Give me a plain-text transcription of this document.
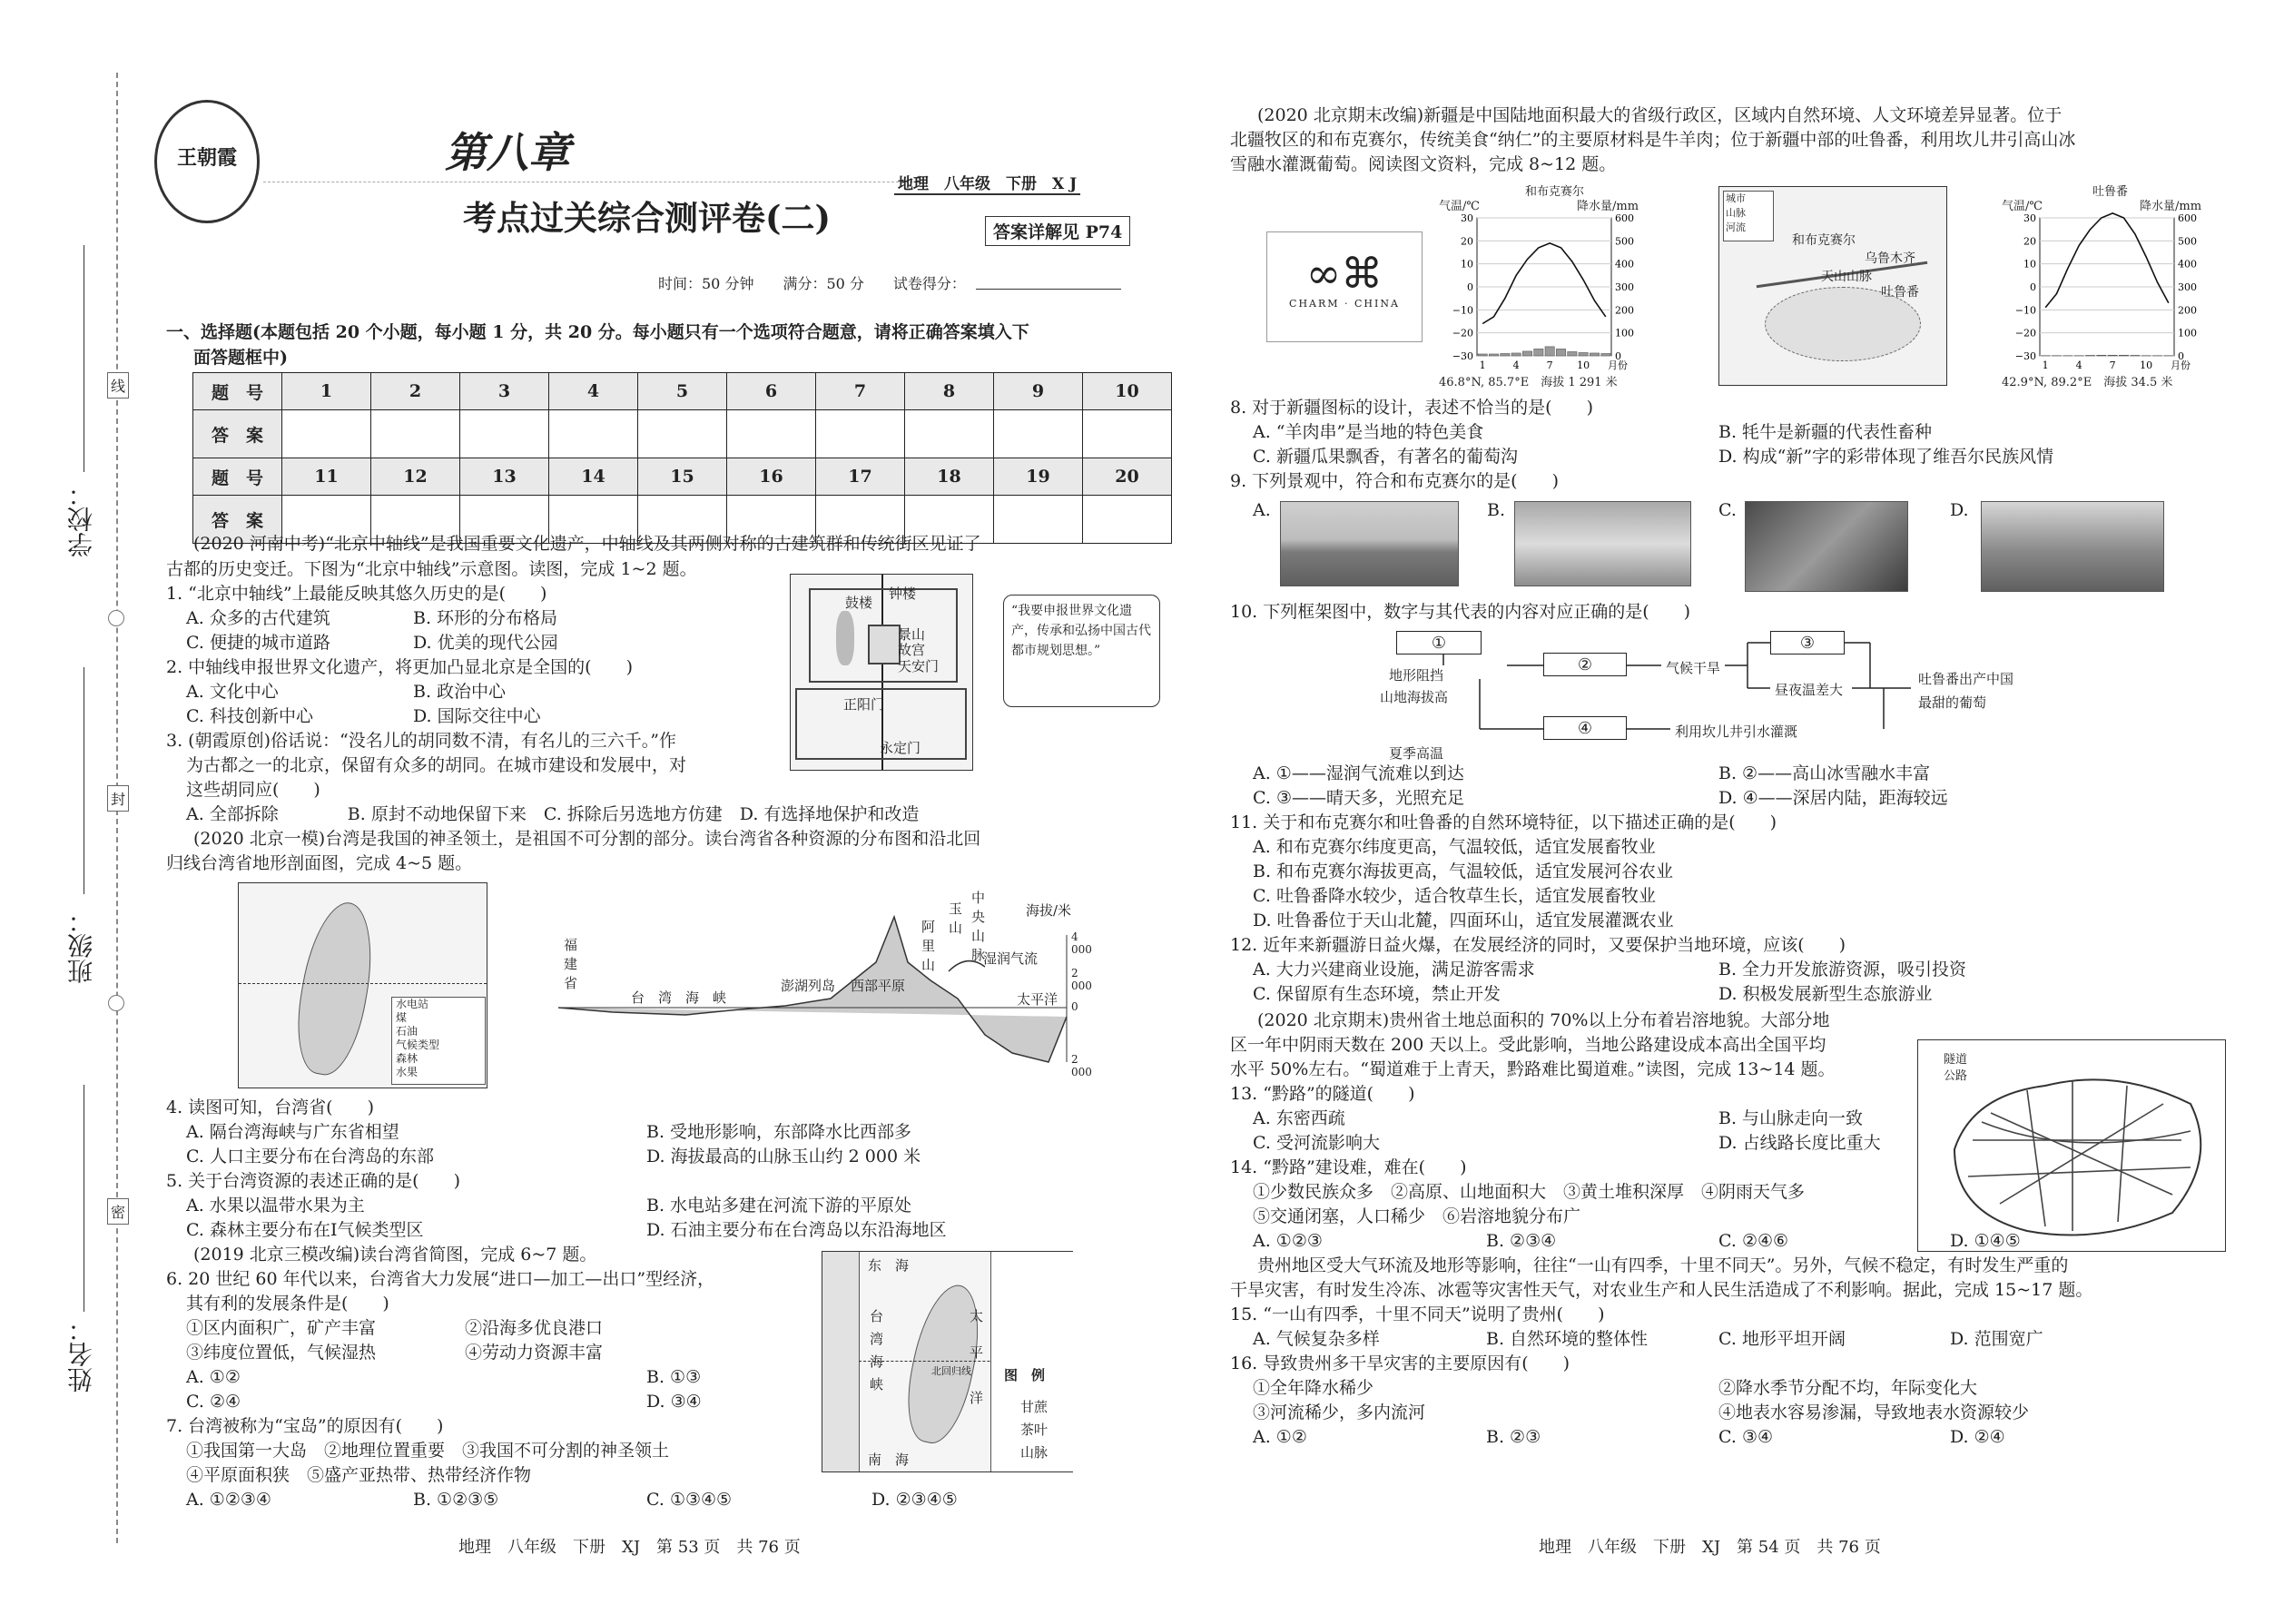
学校：
班级：
姓名：
线
封
密
王朝霞	第八章
考点过关综合测评卷(二)
地理　八年级　下册　X J
答案详解见 P74
时间：50 分钟　　满分：50 分　　试卷得分：
一、选择题(本题包括 20 个小题，每小题 1 分，共 20 分。每小题只有一个选项符合题意，请将正确答案填入下
面答题框中)
题　号	1	2	3	4	5	6	7	8	9	10
答　案										
题　号	11	12	13	14	15	16	17	18	19	20
答　案										
(2020 河南中考)“北京中轴线”是我国重要文化遗产，中轴线及其两侧对称的古建筑群和传统街区见证了
古都的历史变迁。下图为“北京中轴线”示意图。读图，完成 1~2 题。
1. “北京中轴线”上最能反映其悠久历史的是(　　)
A. 众多的古代建筑	B. 环形的分布格局
C. 便捷的城市道路	D. 优美的现代公园
2. 中轴线申报世界文化遗产，将更加凸显北京是全国的(　　)
A. 文化中心	B. 政治中心
C. 科技创新中心	D. 国际交往中心
3. (朝霞原创)俗话说：“没名儿的胡同数不清，有名儿的三六千。”作
为古都之一的北京，保留有众多的胡同。在城市建设和发展中，对
这些胡同应(　　)
A. 全部拆除　　　　B. 原封不动地保留下来　C. 拆除后另选地方仿建　D. 有选择地保护和改造
钟楼
鼓楼
景山
故宫
天安门
正阳门
永定门
“我要申报世界文化遗产，传承和弘扬中国古代都市规划思想。”
(2020 北京一模)台湾是我国的神圣领土，是祖国不可分割的部分。读台湾省各种资源的分布图和沿北回
归线台湾省地形剖面图，完成 4~5 题。
水电站
煤
石油
气候类型
森林
水果
福建省
台　湾　海　峡
澎湖列岛 西部平原
阿里山
玉山
中央山脉
湿润气流
太平洋
海拔/米
4 000
2 000
0
2 000
4. 读图可知，台湾省(　　)
A. 隔台湾海峡与广东省相望	B. 受地形影响，东部降水比西部多
C. 人口主要分布在台湾岛的东部	D. 海拔最高的山脉玉山约 2 000 米
5. 关于台湾资源的表述正确的是(　　)
A. 水果以温带水果为主	B. 水电站多建在河流下游的平原处
C. 森林主要分布在Ⅰ气候类型区	D. 石油主要分布在台湾岛以东沿海地区
(2019 北京三模改编)读台湾省简图，完成 6~7 题。
6. 20 世纪 60 年代以来，台湾省大力发展“进口—加工—出口”型经济，
其有利的发展条件是(　　)
①区内面积广，矿产丰富	②沿海多优良港口
③纬度位置低，气候湿热	④劳动力资源丰富
A. ①②	B. ①③
C. ②④	D. ③④
7. 台湾被称为“宝岛”的原因有(　　)
①我国第一大岛　②地理位置重要　③我国不可分割的神圣领土
④平原面积狭　⑤盛产亚热带、热带经济作物
A. ①②③④	B. ①②③⑤	C. ①③④⑤	D. ②③④⑤
东　海
台
湾
海
峡
太
平
洋
南　海
北回归线 图　例
甘蔗
茶叶
山脉
地理　八年级　下册　XJ　第 53 页　共 76 页
(2020 北京期末改编)新疆是中国陆地面积最大的省级行政区，区域内自然环境、人文环境差异显著。位于
北疆牧区的和布克赛尔，传统美食“纳仁”的主要原材料是牛羊肉；位于新疆中部的吐鲁番，利用坎儿井引高山冰
雪融水灌溉葡萄。阅读图文资料，完成 8~12 题。
∞⌘
CHARM · CHINA
和布克赛尔
气温/℃	降水量/mm
30	600
20	500
10	400
0	300
−10	200
−20	100
−30	0
1	4	7 10 月份
46.8°N, 85.7°E　海拔 1 291 米
城市
山脉
河流
和布克赛尔
乌鲁木齐
天山山脉
吐鲁番
吐鲁番
气温/℃	降水量/mm
30	600
20	500
10	400
0	300
−10	200
−20	100
−30	0
1	4	7 10 月份
42.9°N, 89.2°E　海拔 34.5 米
8. 对于新疆图标的设计，表述不恰当的是(　　)
A. “羊肉串”是当地的特色美食	B. 牦牛是新疆的代表性畜种
C. 新疆瓜果飘香，有著名的葡萄沟	D. 构成“新”字的彩带体现了维吾尔民族风情
9. 下列景观中，符合和布克赛尔的是(　　)
A.	B.	C.	D.
10. 下列框架图中，数字与其代表的内容对应正确的是(　　)
①
②
③
④
地形阻挡
山地海拔高
夏季高温
气候干旱
昼夜温差大
利用坎儿井引水灌溉
吐鲁番出产中国最甜的葡萄
A. ①——湿润气流难以到达	B. ②——高山冰雪融水丰富
C. ③——晴天多，光照充足	D. ④——深居内陆，距海较远
11. 关于和布克赛尔和吐鲁番的自然环境特征，以下描述正确的是(　　)
A. 和布克赛尔纬度更高，气温较低，适宜发展畜牧业
B. 和布克赛尔海拔更高，气温较低，适宜发展河谷农业
C. 吐鲁番降水较少，适合牧草生长，适宜发展畜牧业
D. 吐鲁番位于天山北麓，四面环山，适宜发展灌溉农业
12. 近年来新疆游日益火爆，在发展经济的同时，又要保护当地环境，应该(　　)
A. 大力兴建商业设施，满足游客需求	B. 全力开发旅游资源，吸引投资
C. 保留原有生态环境，禁止开发	D. 积极发展新型生态旅游业
(2020 北京期末)贵州省土地总面积的 70%以上分布着岩溶地貌。大部分地
区一年中阴雨天数在 200 天以上。受此影响，当地公路建设成本高出全国平均
水平 50%左右。“蜀道难于上青天，黔路难比蜀道难。”读图，完成 13~14 题。	隧道
公路
13. “黔路”的隧道(　　)
A. 东密西疏	B. 与山脉走向一致
C. 受河流影响大	D. 占线路长度比重大
14. “黔路”建设难，难在(　　)
①少数民族众多　②高原、山地面积大　③黄土堆积深厚　④阴雨天气多
⑤交通闭塞，人口稀少　⑥岩溶地貌分布广
A. ①②③	B. ②③④	C. ②④⑥	D. ①④⑤
贵州地区受大气环流及地形等影响，往往“一山有四季，十里不同天”。另外，气候不稳定，有时发生严重的
干旱灾害，有时发生冷冻、冰雹等灾害性天气，对农业生产和人民生活造成了不利影响。据此，完成 15~17 题。
15. “一山有四季，十里不同天”说明了贵州(　　)
A. 气候复杂多样	B. 自然环境的整体性	C. 地形平坦开阔	D. 范围宽广
16. 导致贵州多干旱灾害的主要原因有(　　)
①全年降水稀少	②降水季节分配不均，年际变化大
③河流稀少，多内流河	④地表水容易渗漏，导致地表水资源较少
A. ①②	B. ②③	C. ③④	D. ②④
地理　八年级　下册　XJ　第 54 页　共 76 页
